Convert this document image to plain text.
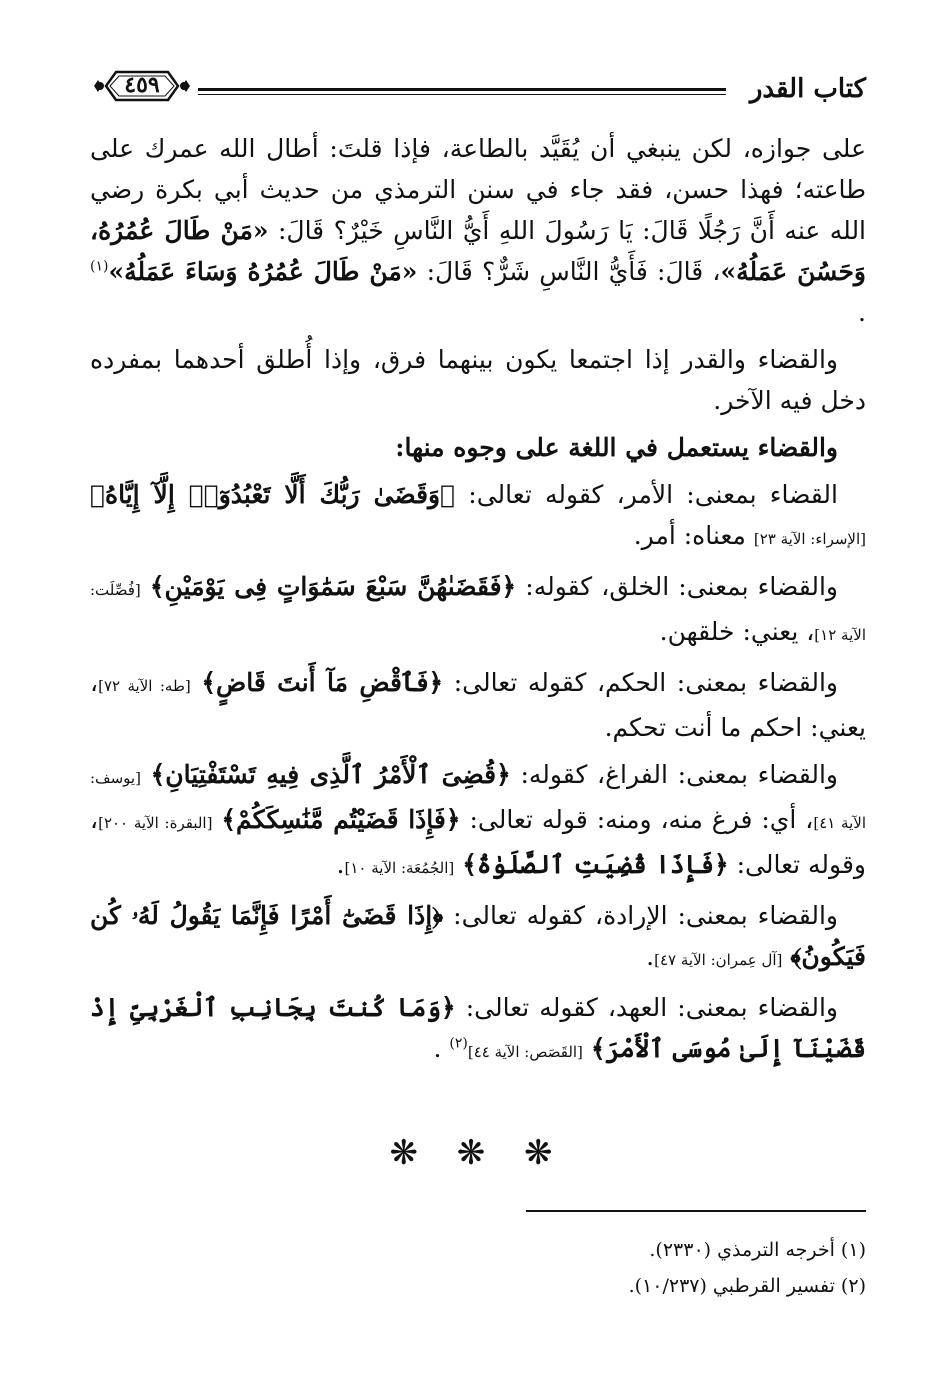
كتاب القدر
٤٥٩

على جوازه، لكن ينبغي أن يُقَيَّد بالطاعة، فإذا قلتَ: أطال الله عمرك على طاعته؛ فهذا حسن، فقد جاء في سنن الترمذي من حديث أبي بكرة رضي الله عنه أَنَّ رَجُلًا قَالَ: يَا رَسُولَ اللهِ أَيُّ النَّاسِ خَيْرٌ؟ قَالَ: «مَنْ طَالَ عُمُرُهُ، وَحَسُنَ عَمَلُهُ»، قَالَ: فَأَيُّ النَّاسِ شَرٌّ؟ قَالَ: «مَنْ طَالَ عُمُرُهُ وَسَاءَ عَمَلُهُ»$^{(١)}$ .

والقضاء والقدر إذا اجتمعا يكون بينهما فرق، وإذا أُطلق أحدهما بمفرده دخل فيه الآخر.

والقضاء يستعمل في اللغة على وجوه منها:

القضاء بمعنى: الأمر، كقوله تعالى: ﴿وَقَضَىٰ رَبُّكَ أَلَّا تَعْبُدُوٓا۟ إِلَّآ إِيَّاهُ﴾ [الإسراء: الآية ٢٣] معناه: أمر.

والقضاء بمعنى: الخلق، كقوله: ﴿فَقَضَىٰهُنَّ سَبْعَ سَمَٰوَاتٍ فِى يَوْمَيْنِ﴾ [فُصِّلَت: الآية ١٢]، يعني: خلقهن.

والقضاء بمعنى: الحكم، كقوله تعالى: ﴿فَٱقْضِ مَآ أَنتَ قَاضٍ﴾ [طه: الآية ٧٢]، يعني: احكم ما أنت تحكم.

والقضاء بمعنى: الفراغ، كقوله: ﴿قُضِىَ ٱلْأَمْرُ ٱلَّذِى فِيهِ تَسْتَفْتِيَانِ﴾ [يوسف: الآية ٤١]، أي: فرغ منه، ومنه: قوله تعالى: ﴿فَإِذَا قَضَيْتُم مَّنَٰسِكَكُمْ﴾ [البقرة: الآية ٢٠٠]، وقوله تعالى: ﴿فَإِذَا قُضِيَتِ ٱلصَّلَوٰةُ﴾ [الجُمُعَة: الآية ١٠].

والقضاء بمعنى: الإرادة، كقوله تعالى: ﴿إِذَا قَضَىٰٓ أَمْرًا فَإِنَّمَا يَقُولُ لَهُۥ كُن فَيَكُونُ﴾ [آل عِمران: الآية ٤٧].

والقضاء بمعنى: العهد، كقوله تعالى: ﴿وَمَا كُنتَ بِجَانِبِ ٱلْغَرْبِىِّ إِذْ قَضَيْنَآ إِلَىٰ مُوسَى ٱلْأَمْرَ﴾ [القَصَص: الآية ٤٤]$^{(٢)}$ .

❋ ❋ ❋
(١) أخرجه الترمذي (٢٣٣٠).
(٢) تفسير القرطبي (١٠/٢٣٧).
